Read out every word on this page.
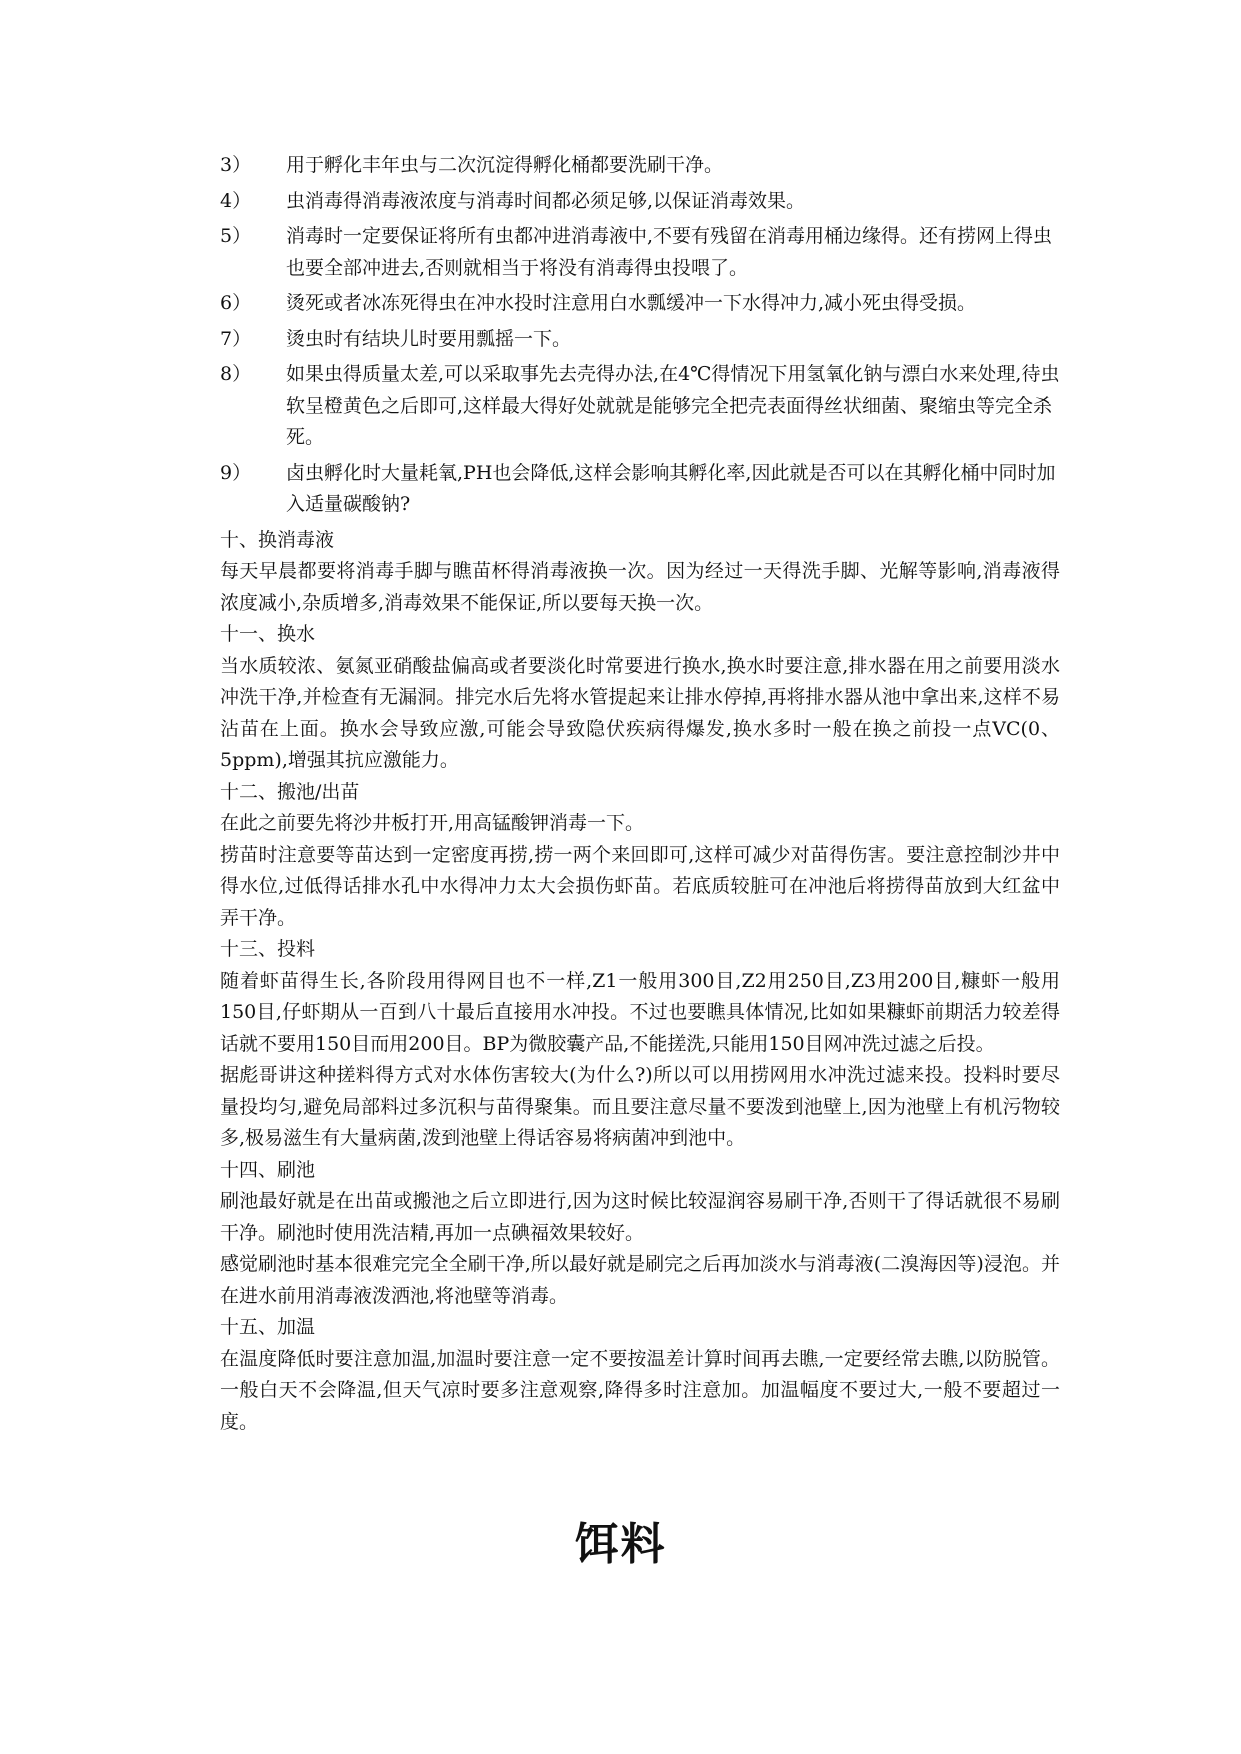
3） 用于孵化丰年虫与二次沉淀得孵化桶都要洗刷干净。
4） 虫消毒得消毒液浓度与消毒时间都必须足够,以保证消毒效果。
5） 消毒时一定要保证将所有虫都冲进消毒液中,不要有残留在消毒用桶边缘得。还有捞网上得虫也要全部冲进去,否则就相当于将没有消毒得虫投喂了。
6） 烫死或者冰冻死得虫在冲水投时注意用白水瓢缓冲一下水得冲力,减小死虫得受损。
7） 烫虫时有结块儿时要用瓢摇一下。
8） 如果虫得质量太差,可以采取事先去壳得办法,在4℃得情况下用氢氧化钠与漂白水来处理,待虫软呈橙黄色之后即可,这样最大得好处就就是能够完全把壳表面得丝状细菌、聚缩虫等完全杀死。
9） 卤虫孵化时大量耗氧,PH也会降低,这样会影响其孵化率,因此就是否可以在其孵化桶中同时加入适量碳酸钠?
十、换消毒液
每天早晨都要将消毒手脚与瞧苗杯得消毒液换一次。因为经过一天得洗手脚、光解等影响,消毒液得浓度减小,杂质增多,消毒效果不能保证,所以要每天换一次。
十一、换水
当水质较浓、氨氮亚硝酸盐偏高或者要淡化时常要进行换水,换水时要注意,排水器在用之前要用淡水冲洗干净,并检查有无漏洞。排完水后先将水管提起来让排水停掉,再将排水器从池中拿出来,这样不易沾苗在上面。换水会导致应激,可能会导致隐伏疾病得爆发,换水多时一般在换之前投一点VC(0、5ppm),增强其抗应激能力。
十二、搬池/出苗
在此之前要先将沙井板打开,用高锰酸钾消毒一下。
捞苗时注意要等苗达到一定密度再捞,捞一两个来回即可,这样可减少对苗得伤害。要注意控制沙井中得水位,过低得话排水孔中水得冲力太大会损伤虾苗。若底质较脏可在冲池后将捞得苗放到大红盆中弄干净。
十三、投料
随着虾苗得生长,各阶段用得网目也不一样,Z1一般用300目,Z2用250目,Z3用200目,糠虾一般用150目,仔虾期从一百到八十最后直接用水冲投。不过也要瞧具体情况,比如如果糠虾前期活力较差得话就不要用150目而用200目。BP为微胶囊产品,不能搓洗,只能用150目网冲洗过滤之后投。
据彪哥讲这种搓料得方式对水体伤害较大(为什么?)所以可以用捞网用水冲洗过滤来投。投料时要尽量投均匀,避免局部料过多沉积与苗得聚集。而且要注意尽量不要泼到池壁上,因为池壁上有机污物较多,极易滋生有大量病菌,泼到池壁上得话容易将病菌冲到池中。
十四、刷池
刷池最好就是在出苗或搬池之后立即进行,因为这时候比较湿润容易刷干净,否则干了得话就很不易刷干净。刷池时使用洗洁精,再加一点碘福效果较好。
感觉刷池时基本很难完完全全刷干净,所以最好就是刷完之后再加淡水与消毒液(二溴海因等)浸泡。并在进水前用消毒液泼洒池,将池壁等消毒。
十五、加温
在温度降低时要注意加温,加温时要注意一定不要按温差计算时间再去瞧,一定要经常去瞧,以防脱管。一般白天不会降温,但天气凉时要多注意观察,降得多时注意加。加温幅度不要过大,一般不要超过一度。
饵料
